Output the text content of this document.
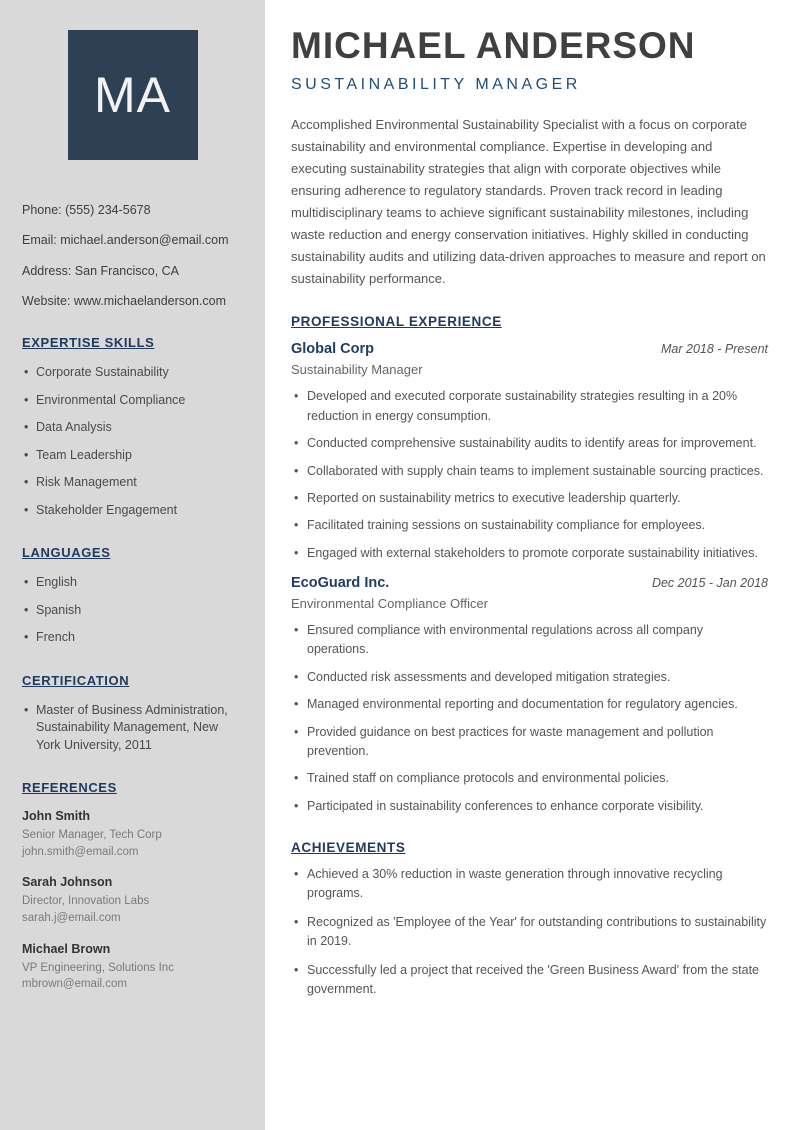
MA

Phone: (555) 234-5678

Email: michael.anderson@email.com

Address: San Francisco, CA

Website: www.michaelanderson.com

EXPERTISE SKILLS
• Corporate Sustainability
• Environmental Compliance
• Data Analysis
• Team Leadership
• Risk Management
• Stakeholder Engagement
LANGUAGES
• English
• Spanish
• French
CERTIFICATION
• Master of Business Administration, Sustainability Management, New York University, 2011
REFERENCES
John Smith
Senior Manager, Tech Corp
john.smith@email.com
Sarah Johnson
Director, Innovation Labs
sarah.j@email.com
Michael Brown
VP Engineering, Solutions Inc
mbrown@email.com
MICHAEL ANDERSON
SUSTAINABILITY MANAGER

Accomplished Environmental Sustainability Specialist with a focus on corporate sustainability and environmental compliance. Expertise in developing and executing sustainability strategies that align with corporate objectives while ensuring adherence to regulatory standards. Proven track record in leading multidisciplinary teams to achieve significant sustainability milestones, including waste reduction and energy conservation initiatives. Highly skilled in conducting sustainability audits and utilizing data-driven approaches to measure and report on sustainability performance.

PROFESSIONAL EXPERIENCE
Global Corp	Mar 2018 - Present
Sustainability Manager
• Developed and executed corporate sustainability strategies resulting in a 20% reduction in energy consumption.
• Conducted comprehensive sustainability audits to identify areas for improvement.
• Collaborated with supply chain teams to implement sustainable sourcing practices.
• Reported on sustainability metrics to executive leadership quarterly.
• Facilitated training sessions on sustainability compliance for employees.
• Engaged with external stakeholders to promote corporate sustainability initiatives.
EcoGuard Inc.	Dec 2015 - Jan 2018
Environmental Compliance Officer
• Ensured compliance with environmental regulations across all company operations.
• Conducted risk assessments and developed mitigation strategies.
• Managed environmental reporting and documentation for regulatory agencies.
• Provided guidance on best practices for waste management and pollution prevention.
• Trained staff on compliance protocols and environmental policies.
• Participated in sustainability conferences to enhance corporate visibility.
ACHIEVEMENTS
• Achieved a 30% reduction in waste generation through innovative recycling programs.
• Recognized as 'Employee of the Year' for outstanding contributions to sustainability in 2019.
• Successfully led a project that received the 'Green Business Award' from the state government.
